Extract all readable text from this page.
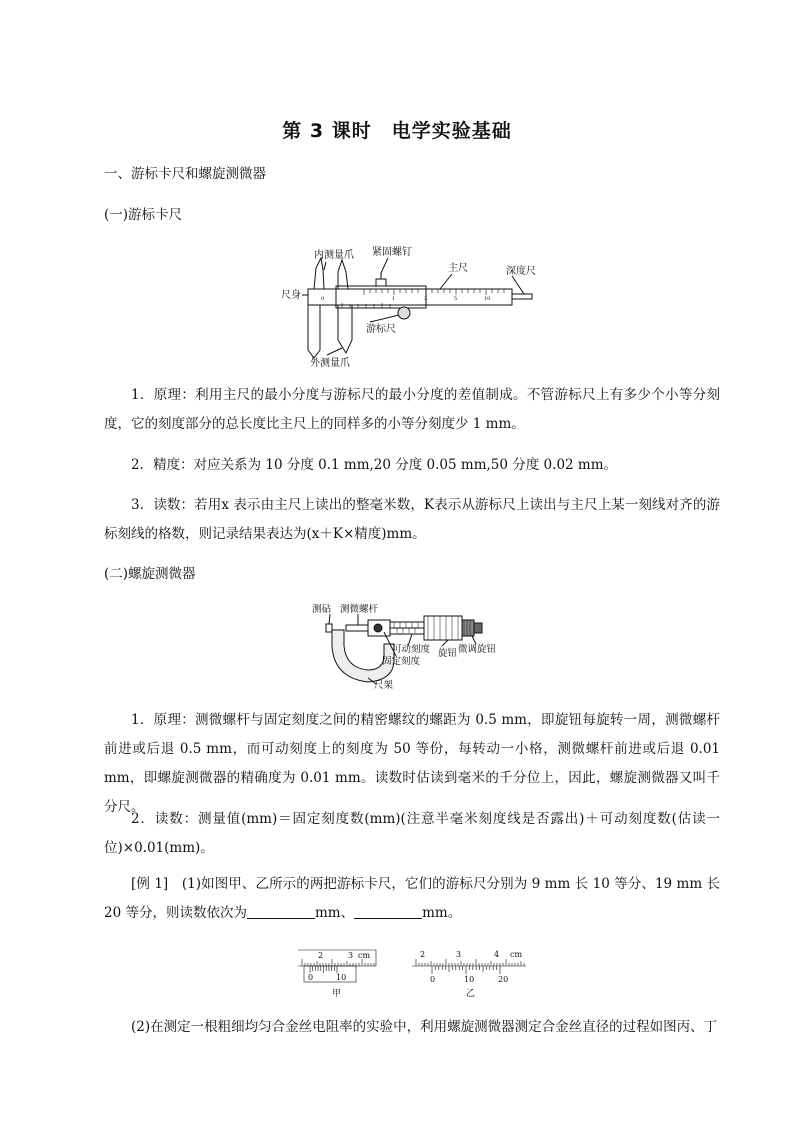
第 3 课时　电学实验基础
一、游标卡尺和螺旋测微器
(一)游标卡尺
0	1	2	5	10
内测量爪 紧固螺钉
主尺	深度尺
尺身
游标尺
外测量爪
1．原理：利用主尺的最小分度与游标尺的最小分度的差值制成。不管游标尺上有多少个小等分刻度，它的刻度部分的总长度比主尺上的同样多的小等分刻度少 1 mm。
2．精度：对应关系为 10 分度 0.1 mm,20 分度 0.05 mm,50 分度 0.02 mm。
3．读数：若用x 表示由主尺上读出的整毫米数，K表示从游标尺上读出与主尺上某一刻线对齐的游标刻线的格数，则记录结果表达为(x＋K×精度)mm。
(二)螺旋测微器
测砧 测微螺杆
可动刻度 旋钮 微调旋钮
固定刻度
尺架
1．原理：测微螺杆与固定刻度之间的精密螺纹的螺距为 0.5 mm，即旋钮每旋转一周，测微螺杆前进或后退 0.5 mm，而可动刻度上的刻度为 50 等份，每转动一小格，测微螺杆前进或后退 0.01 mm，即螺旋测微器的精确度为 0.01 mm。读数时估读到毫米的千分位上，因此，螺旋测微器又叫千分尺。
2．读数：测量值(mm)＝固定刻度数(mm)(注意半毫米刻度线是否露出)＋可动刻度数(估读一位)×0.01(mm)。
[例 1]　 (1)如图甲、乙所示的两把游标卡尺，它们的游标尺分别为 9 mm 长 10 等分、19 mm 长 20 等分，则读数依次为	mm、	mm。
2	3 cm
0	10
甲
2	3	4 cm
0	10	20
乙
(2)在测定一根粗细均匀合金丝电阻率的实验中，利用螺旋测微器测定合金丝直径的过程如图丙、丁
